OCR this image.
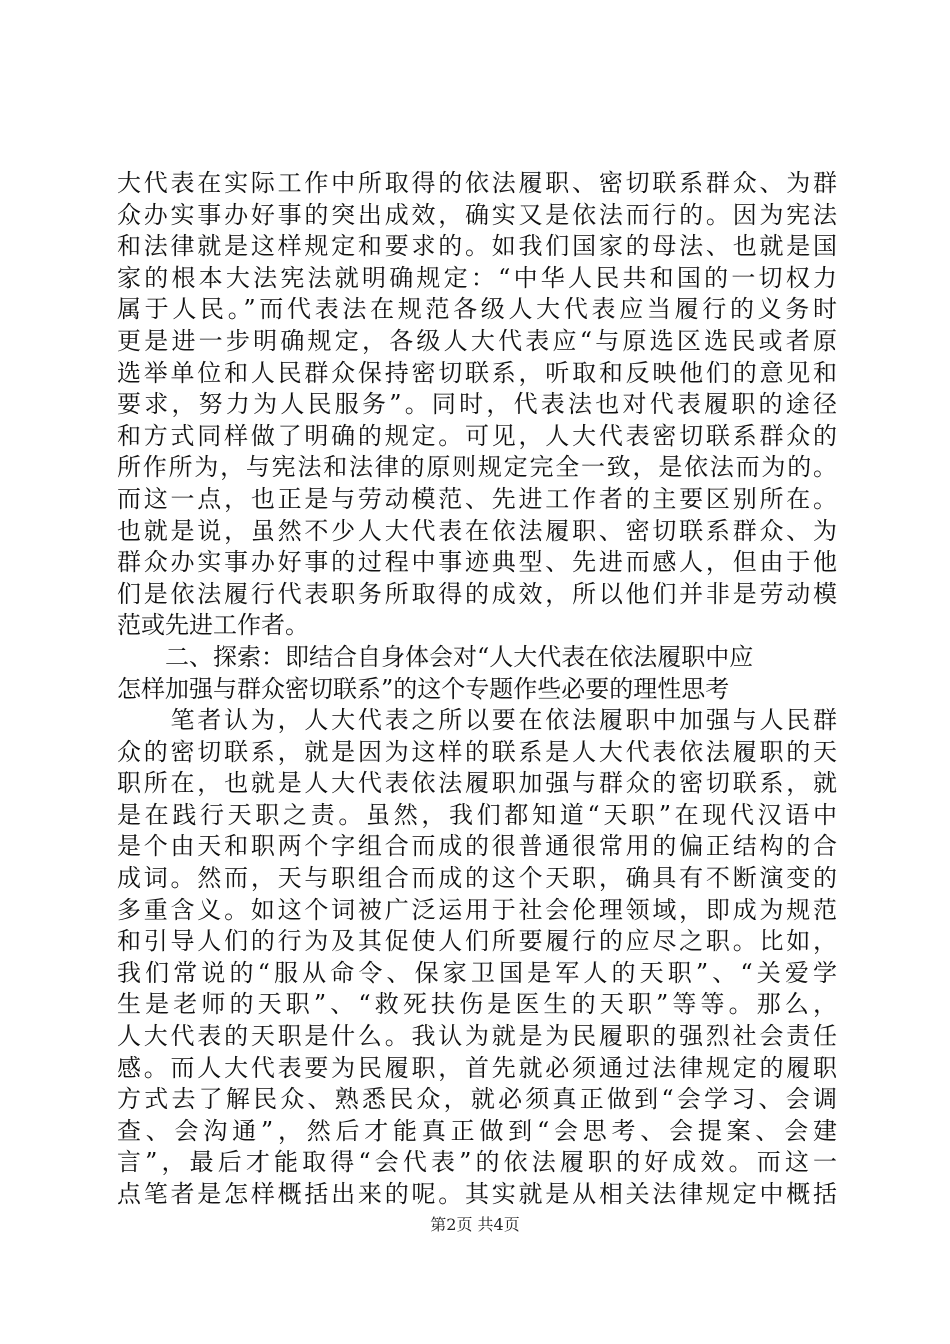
大代表在实际工作中所取得的依法履职、密切联系群众、为群
众办实事办好事的突出成效，确实又是依法而行的。因为宪法
和法律就是这样规定和要求的。如我们国家的母法、也就是国
家的根本大法宪法就明确规定：“中华人民共和国的一切权力
属于人民。”而代表法在规范各级人大代表应当履行的义务时
更是进一步明确规定，各级人大代表应“与原选区选民或者原
选举单位和人民群众保持密切联系，听取和反映他们的意见和
要求，努力为人民服务”。同时，代表法也对代表履职的途径
和方式同样做了明确的规定。可见，人大代表密切联系群众的
所作所为，与宪法和法律的原则规定完全一致，是依法而为的。
而这一点，也正是与劳动模范、先进工作者的主要区别所在。
也就是说，虽然不少人大代表在依法履职、密切联系群众、为
群众办实事办好事的过程中事迹典型、先进而感人，但由于他
们是依法履行代表职务所取得的成效，所以他们并非是劳动模
范或先进工作者。
　　二、探索：即结合自身体会对“人大代表在依法履职中应
怎样加强与群众密切联系”的这个专题作些必要的理性思考
　　笔者认为，人大代表之所以要在依法履职中加强与人民群
众的密切联系，就是因为这样的联系是人大代表依法履职的天
职所在，也就是人大代表依法履职加强与群众的密切联系，就
是在践行天职之责。虽然，我们都知道“天职”在现代汉语中
是个由天和职两个字组合而成的很普通很常用的偏正结构的合
成词。然而，天与职组合而成的这个天职，确具有不断演变的
多重含义。如这个词被广泛运用于社会伦理领域，即成为规范
和引导人们的行为及其促使人们所要履行的应尽之职。比如，
我们常说的“服从命令、保家卫国是军人的天职”、“关爱学
生是老师的天职”、“救死扶伤是医生的天职”等等。那么，
人大代表的天职是什么。我认为就是为民履职的强烈社会责任
感。而人大代表要为民履职，首先就必须通过法律规定的履职
方式去了解民众、熟悉民众，就必须真正做到“会学习、会调
查、会沟通”，然后才能真正做到“会思考、会提案、会建
言”，最后才能取得“会代表”的依法履职的好成效。而这一
点笔者是怎样概括出来的呢。其实就是从相关法律规定中概括
第2页 共4页
